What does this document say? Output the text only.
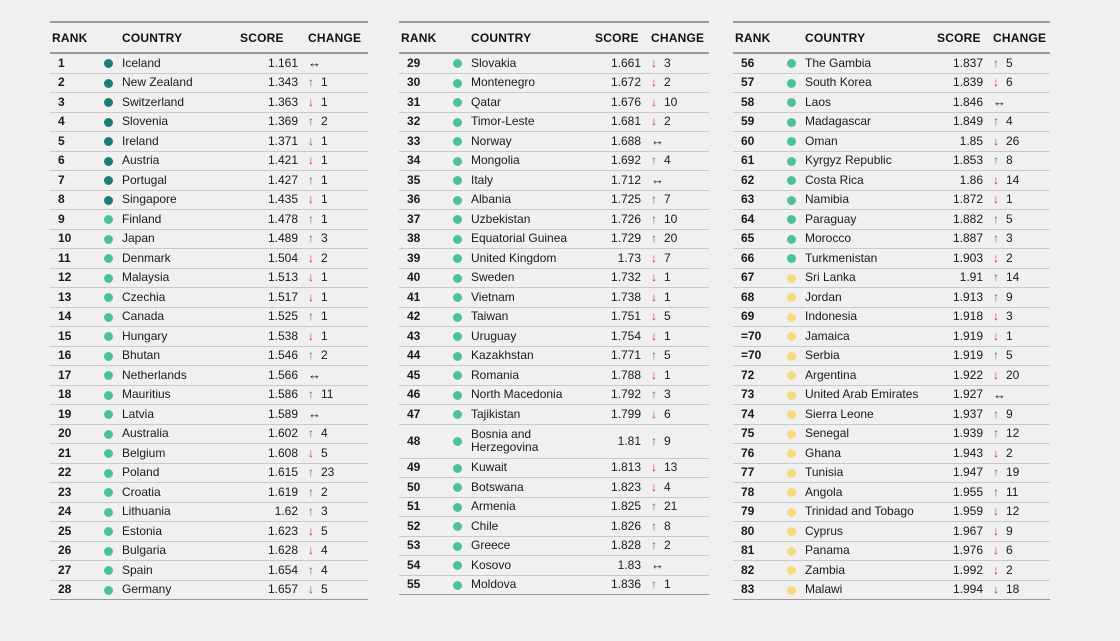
RANK		COUNTRY	SCORE	CHANGE
1		Iceland	1.161	↔
2		New Zealand	1.343	↑ 1
3		Switzerland	1.363	↓ 1
4		Slovenia	1.369	↑ 2
5		Ireland	1.371	↓ 1
6		Austria	1.421	↓ 1
7		Portugal	1.427	↑ 1
8		Singapore	1.435	↓ 1
9		Finland	1.478	↑ 1
10		Japan	1.489	↑ 3
11		Denmark	1.504	↓ 2
12		Malaysia	1.513	↓ 1
13		Czechia	1.517	↓ 1
14		Canada	1.525	↑ 1
15		Hungary	1.538	↓ 1
16		Bhutan	1.546	↑ 2
17		Netherlands	1.566	↔
18		Mauritius	1.586	↑ 11
19		Latvia	1.589	↔
20		Australia	1.602	↑ 4
21		Belgium	1.608	↓ 5
22		Poland	1.615	↑ 23
23		Croatia	1.619	↑ 2
24		Lithuania	1.62	↑ 3
25		Estonia	1.623	↓ 5
26		Bulgaria	1.628	↓ 4
27		Spain	1.654	↑ 4
28		Germany	1.657	↓ 5
RANK		COUNTRY	SCORE	CHANGE
29		Slovakia	1.661	↓ 3
30		Montenegro	1.672	↓ 2
31		Qatar	1.676	↓ 10
32		Timor-Leste	1.681	↓ 2
33		Norway	1.688	↔
34		Mongolia	1.692	↑ 4
35		Italy	1.712	↔
36		Albania	1.725	↑ 7
37		Uzbekistan	1.726	↑ 10
38		Equatorial Guinea	1.729	↑ 20
39		United Kingdom	1.73	↓ 7
40		Sweden	1.732	↓ 1
41		Vietnam	1.738	↓ 1
42		Taiwan	1.751	↓ 5
43		Uruguay	1.754	↓ 1
44		Kazakhstan	1.771	↑ 5
45		Romania	1.788	↓ 1
46		North Macedonia	1.792	↑ 3
47		Tajikistan	1.799	↓ 6
48		Bosnia and Herzegovina	1.81	↑ 9
49		Kuwait	1.813	↓ 13
50		Botswana	1.823	↓ 4
51		Armenia	1.825	↑ 21
52		Chile	1.826	↑ 8
53		Greece	1.828	↑ 2
54		Kosovo	1.83	↔
55		Moldova	1.836	↑ 1
RANK		COUNTRY	SCORE	CHANGE
56		The Gambia	1.837	↑ 5
57		South Korea	1.839	↓ 6
58		Laos	1.846	↔
59		Madagascar	1.849	↑ 4
60		Oman	1.85	↓ 26
61		Kyrgyz Republic	1.853	↑ 8
62		Costa Rica	1.86	↓ 14
63		Namibia	1.872	↓ 1
64		Paraguay	1.882	↑ 5
65		Morocco	1.887	↑ 3
66		Turkmenistan	1.903	↓ 2
67		Sri Lanka	1.91	↑ 14
68		Jordan	1.913	↑ 9
69		Indonesia	1.918	↓ 3
=70		Jamaica	1.919	↓ 1
=70		Serbia	1.919	↑ 5
72		Argentina	1.922	↓ 20
73		United Arab Emirates	1.927	↔
74		Sierra Leone	1.937	↑ 9
75		Senegal	1.939	↑ 12
76		Ghana	1.943	↓ 2
77		Tunisia	1.947	↑ 19
78		Angola	1.955	↑ 11
79		Trinidad and Tobago	1.959	↓ 12
80		Cyprus	1.967	↓ 9
81		Panama	1.976	↓ 6
82		Zambia	1.992	↓ 2
83		Malawi	1.994	↓ 18
